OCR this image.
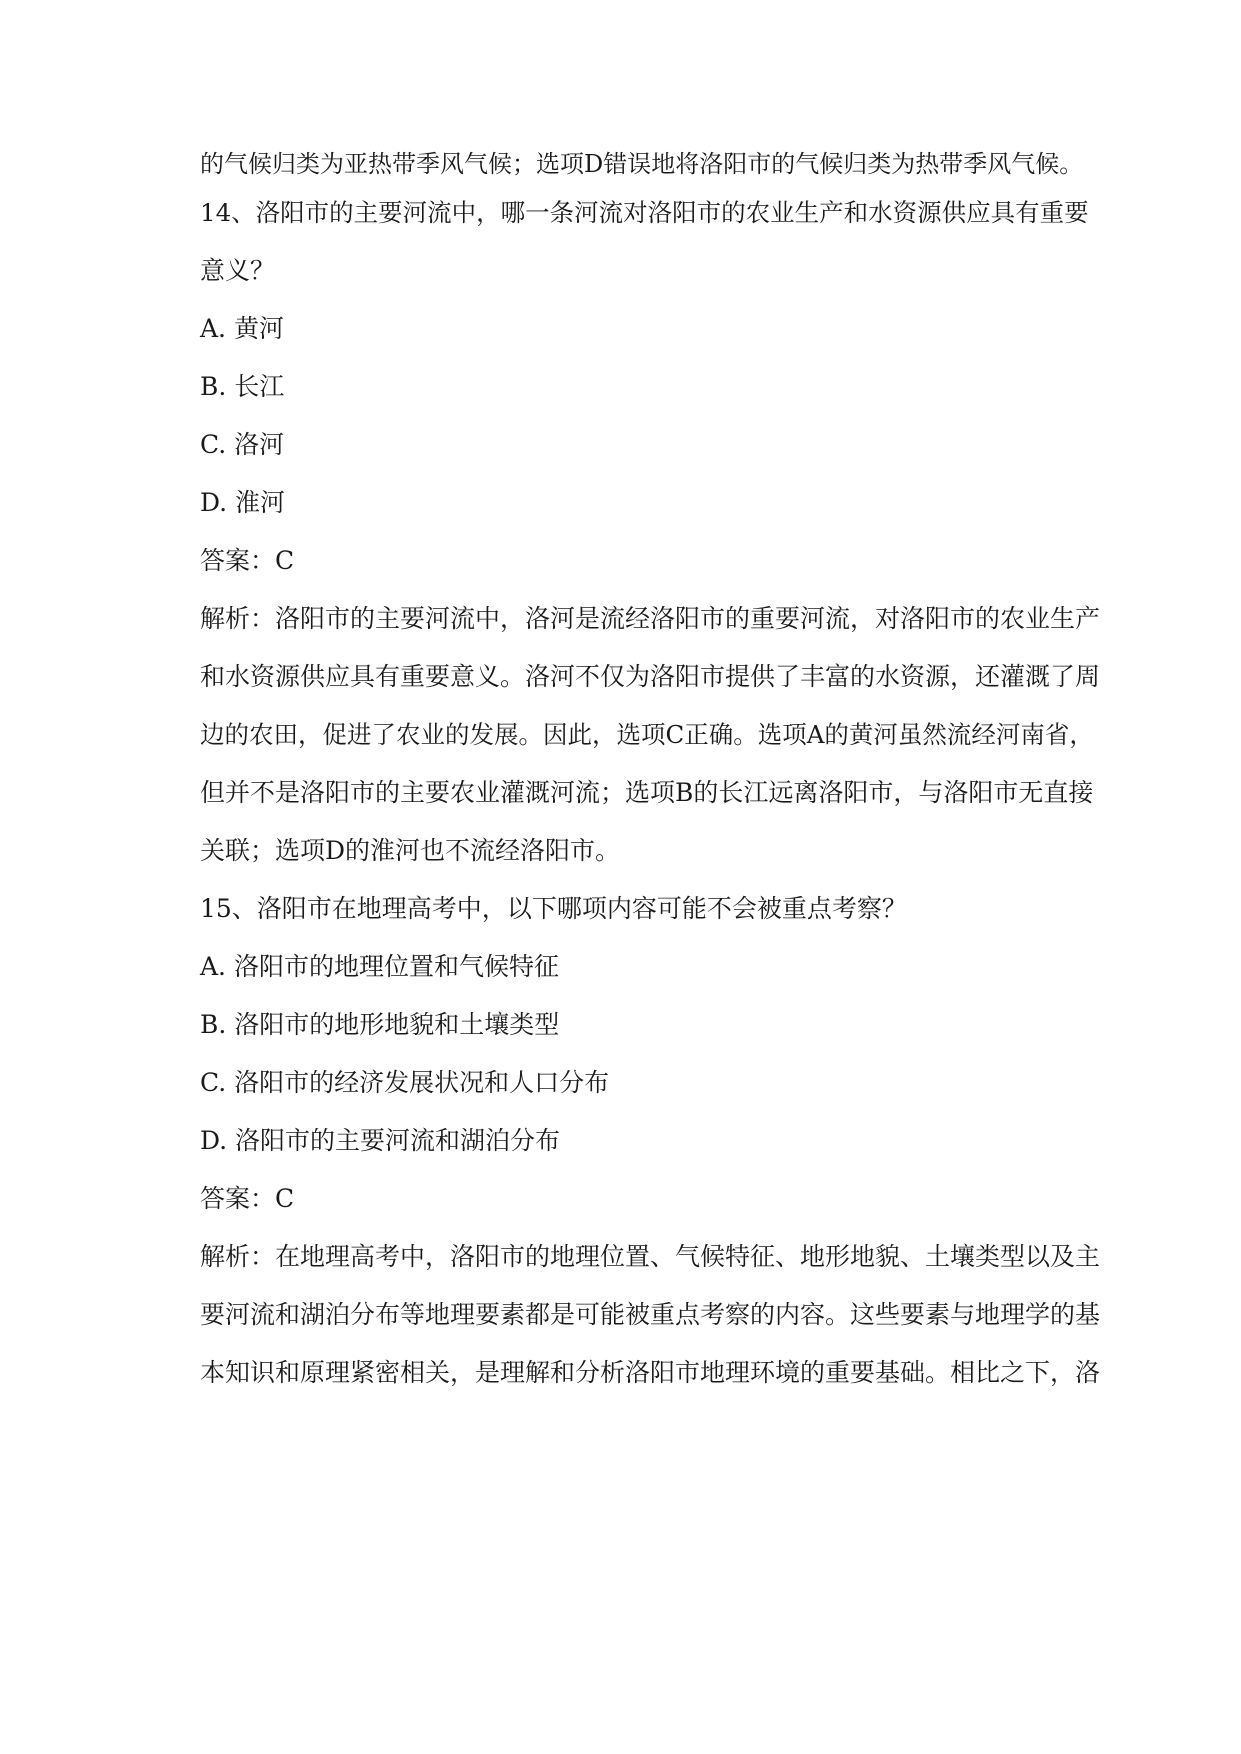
的气候归类为亚热带季风气候；选项D错误地将洛阳市的气候归类为热带季风气候。
14、洛阳市的主要河流中，哪一条河流对洛阳市的农业生产和水资源供应具有重要
意义？
A. 黄河
B. 长江
C. 洛河
D. 淮河
答案：C
解析：洛阳市的主要河流中，洛河是流经洛阳市的重要河流，对洛阳市的农业生产
和水资源供应具有重要意义。洛河不仅为洛阳市提供了丰富的水资源，还灌溉了周
边的农田，促进了农业的发展。因此，选项C正确。选项A的黄河虽然流经河南省，
但并不是洛阳市的主要农业灌溉河流；选项B的长江远离洛阳市，与洛阳市无直接
关联；选项D的淮河也不流经洛阳市。
15、洛阳市在地理高考中，以下哪项内容可能不会被重点考察？
A. 洛阳市的地理位置和气候特征
B. 洛阳市的地形地貌和土壤类型
C. 洛阳市的经济发展状况和人口分布
D. 洛阳市的主要河流和湖泊分布
答案：C
解析：在地理高考中，洛阳市的地理位置、气候特征、地形地貌、土壤类型以及主
要河流和湖泊分布等地理要素都是可能被重点考察的内容。这些要素与地理学的基
本知识和原理紧密相关，是理解和分析洛阳市地理环境的重要基础。相比之下，洛
